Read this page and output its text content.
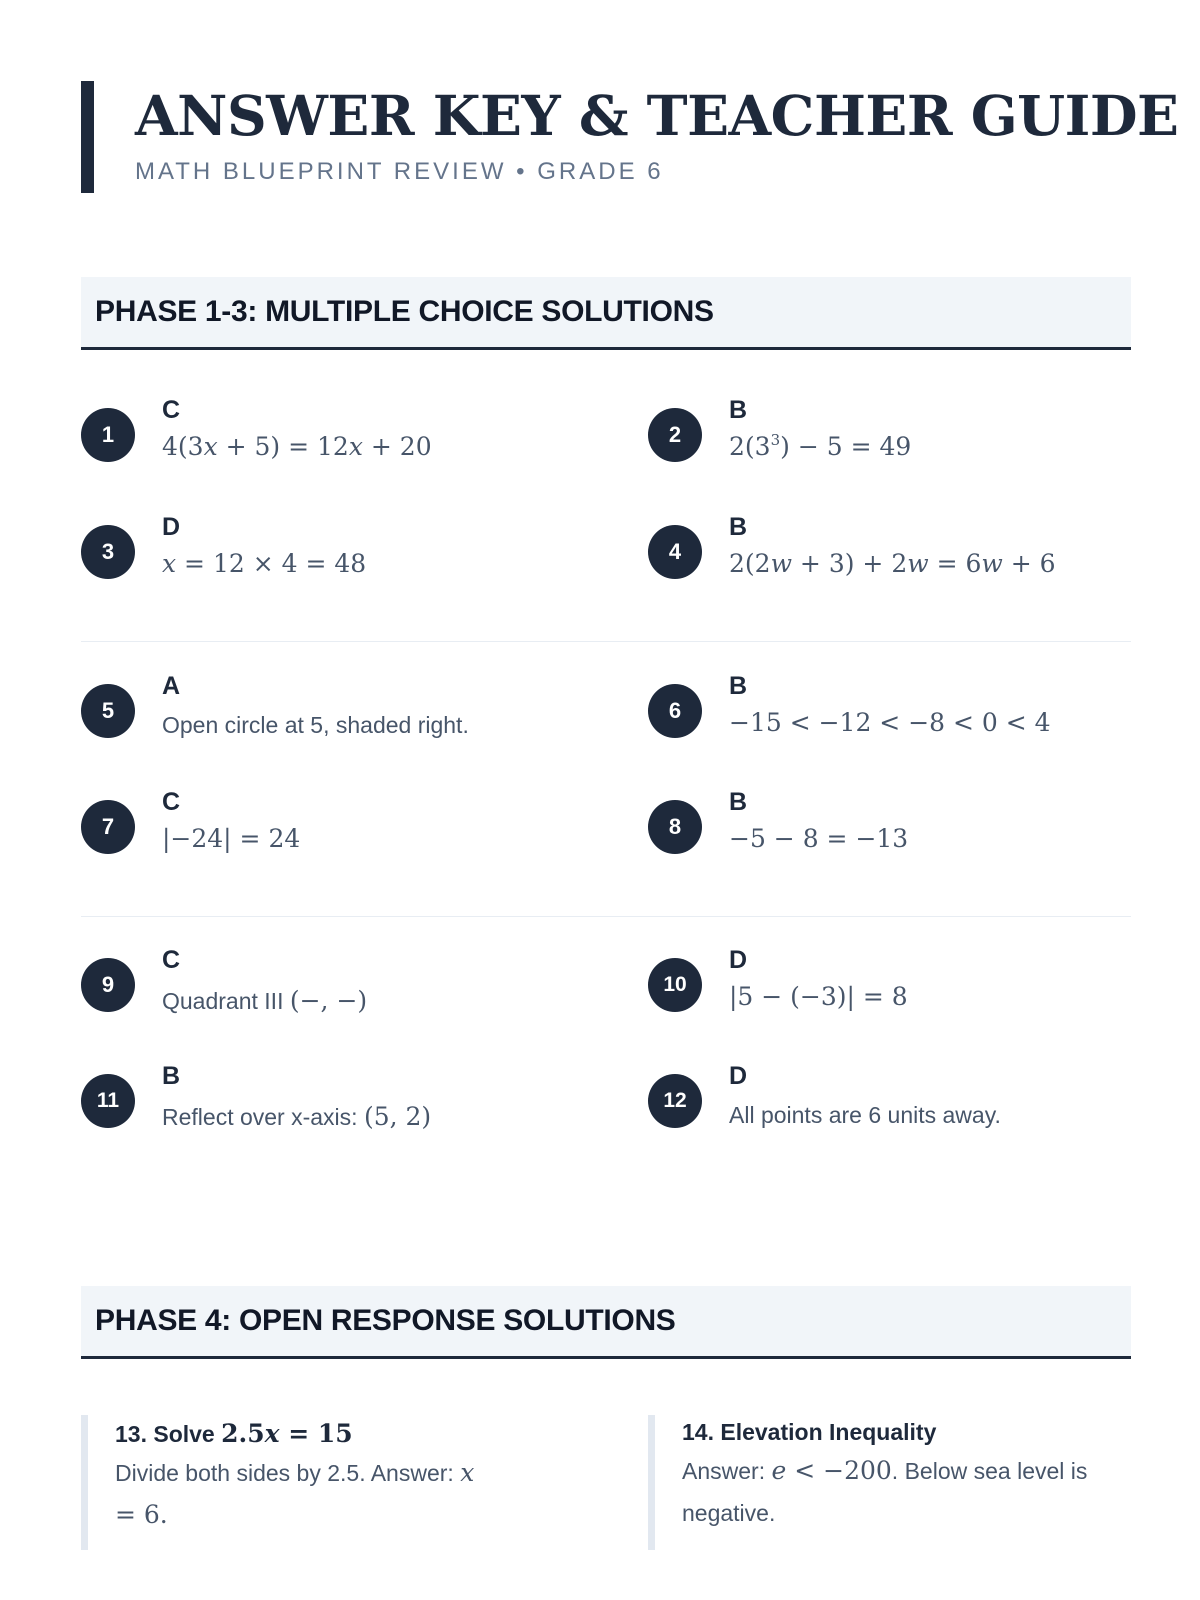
ANSWER KEY & TEACHER GUIDE
MATH BLUEPRINT REVIEW • GRADE 6
PHASE 1-3: MULTIPLE CHOICE SOLUTIONS
1
C
4(3x + 5) = 12x + 20	2
B
$2(3^3) - 5 = 49$
3
D
x = 12 × 4 = 48	4
B
2(2w + 3) + 2w = 6w + 6
5
A
Open circle at 5, shaded right.
6
B
−15 < −12 < −8 < 0 < 4
7
C
|−24| = 24	8
B
−5 − 8 = −13
9
C
Quadrant III (−, −)
10
D
|5 − (−3)| = 8
11
B
Reflect over x-axis: (5, 2)
12
D
All points are 6 units away.
PHASE 4: OPEN RESPONSE SOLUTIONS
13. Solve 2.5x = 15
Divide both sides by 2.5. Answer: x
= 6.
14. Elevation Inequality
Answer: e < −200. Below sea level is negative.
